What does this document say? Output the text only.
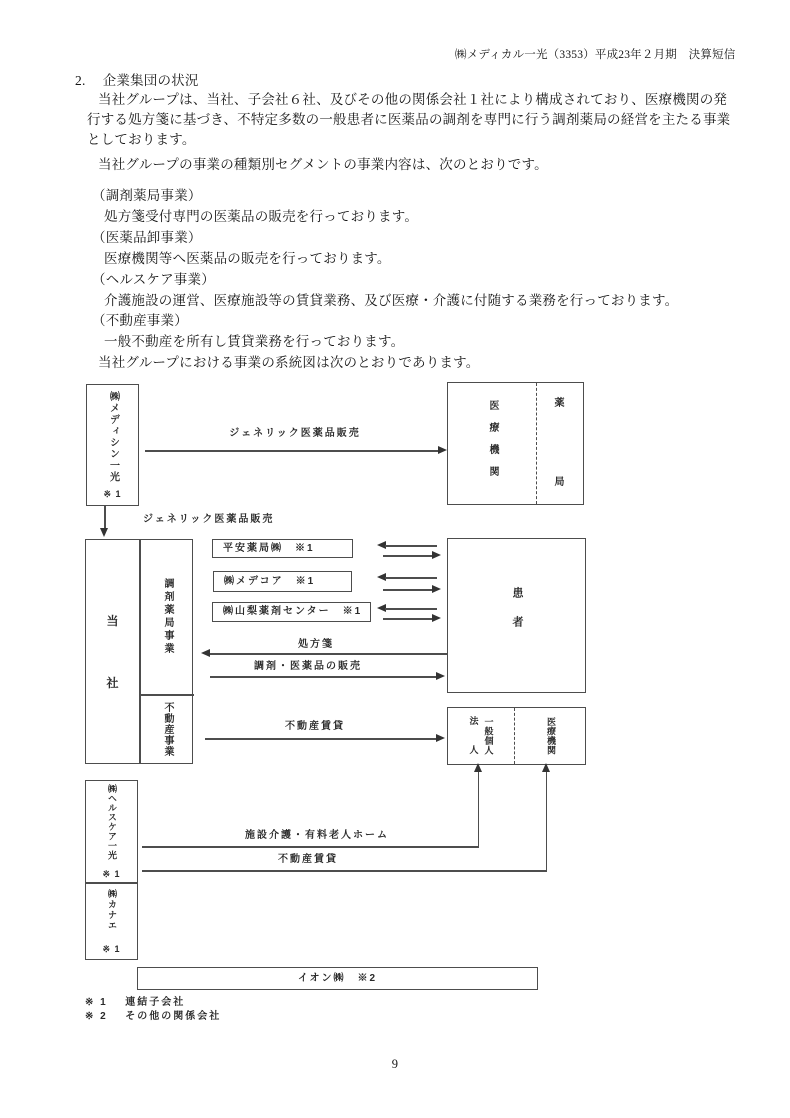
㈱メディカル一光（3353）平成23年２月期　決算短信
2. 企業集団の状況
当社グループは、当社、子会社６社、及びその他の関係会社１社により構成されており、医療機関の発
行する処方箋に基づき、不特定多数の一般患者に医薬品の調剤を専門に行う調剤薬局の経営を主たる事業
としております。
当社グループの事業の種類別セグメントの事業内容は、次のとおりです。
（調剤薬局事業）
処方箋受付専門の医薬品の販売を行っております。
（医薬品卸事業）
医療機関等へ医薬品の販売を行っております。
（ヘルスケア事業）
介護施設の運営、医療施設等の賃貸業務、及び医療・介護に付随する業務を行っております。
（不動産事業）
一般不動産を所有し賃貸業務を行っております。
当社グループにおける事業の系統図は次のとおりであります。
㈱メディシン一光
※ 1
ジェネリック医薬品販売	医療機関	薬
局
ジェネリック医薬品販売
当
社
調剤薬局事業
不動産事業
平安薬局㈱　※1
㈱メデコア　※1
㈱山梨薬剤センター　※1	患者
処方箋
調剤・医薬品の販売
不動産賃貸	法
人 一般個人	医療機関
㈱ヘルスケア一光
※ 1
㈱カナエ
※ 1
施設介護・有料老人ホーム
不動産賃貸
イオン㈱　※2
※ 1 連結子会社
※ 2 その他の関係会社
9
